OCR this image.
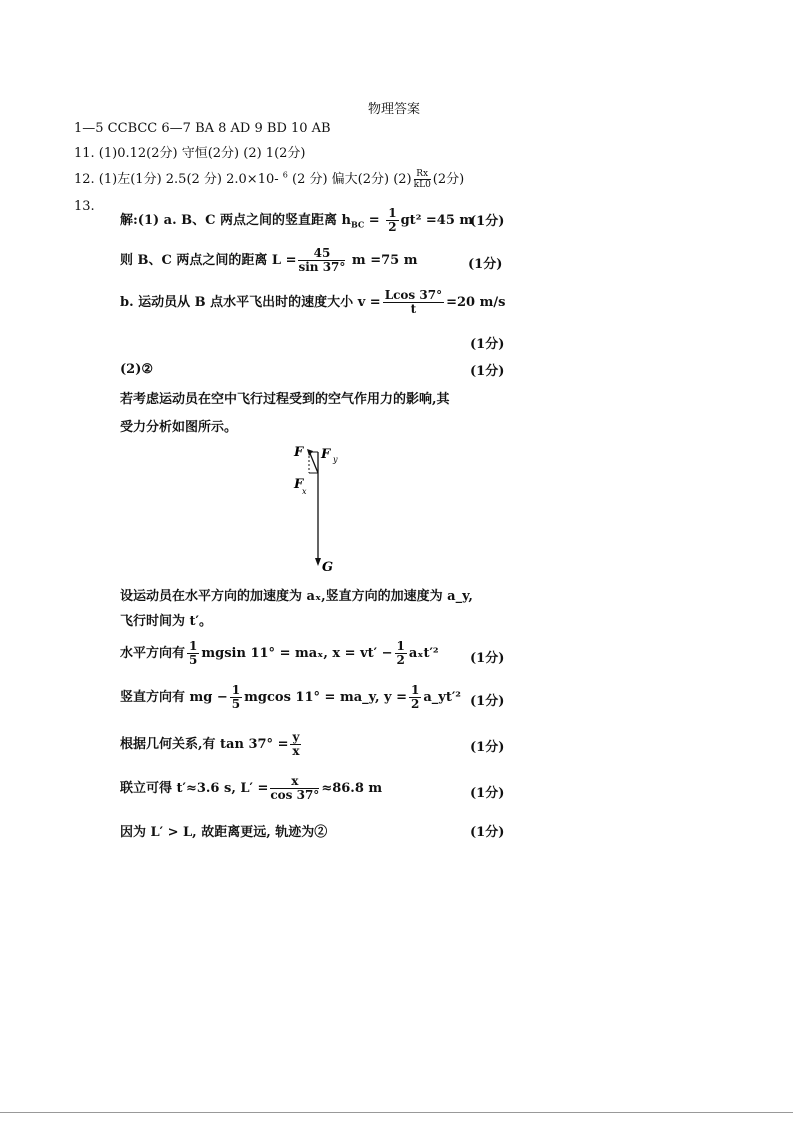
物理答案
1—5 CCBCC 6—7 BA 8 AD 9 BD 10 AB
11. (1)0.12(2分) 守恒(2分) (2) 1(2分)
12. (1)左(1分) 2.5(2 分) 2.0×10- $^6$ (2 分) 偏大(2分) $(2) \frac{Rx}{kL0} (2$分)
13.
解:(1) a. B、C 两点之间的竖直距离 $h_{BC} = \frac{1}{2} gt^2 =45$ m
(1分)
则 B、C 两点之间的距离 $L = \frac{45}{\sin 37^\circ}$ m =75 m	(1分)
b. 运动员从 B 点水平飞出时的速度大小 $v = \frac{Lcos 37^\circ}{t} =20$ m/s
(1分)
(2)②	(1分)
若考虑运动员在空中飞行过程受到的空气作用力的影响,其
受力分析如图所示。
F F y
F
x
G
设运动员在水平方向的加速度为 aₓ,竖直方向的加速度为 a_y,
飞行时间为 t′。
水平方向有 $\frac{1}{5}$ mgsin 11° = maₓ, $x = vt' - \frac{1}{2} a_xt'^2$ (1分)
竖直方向有 mg − $\frac{1}{5}$ mgcos 11° = ma_y, $y = \frac{1}{2}$ a_yt′² (1分)
根据几何关系,有 $\tan 37^\circ = \frac{y}{x}$	(1分)
联立可得 t′≈3.6 s, $L' = \frac{x}{\cos 37^\circ} \approx 86.8$ m	(1分)
因为 L′ > L, 故距离更远, 轨迹为②	(1分)
